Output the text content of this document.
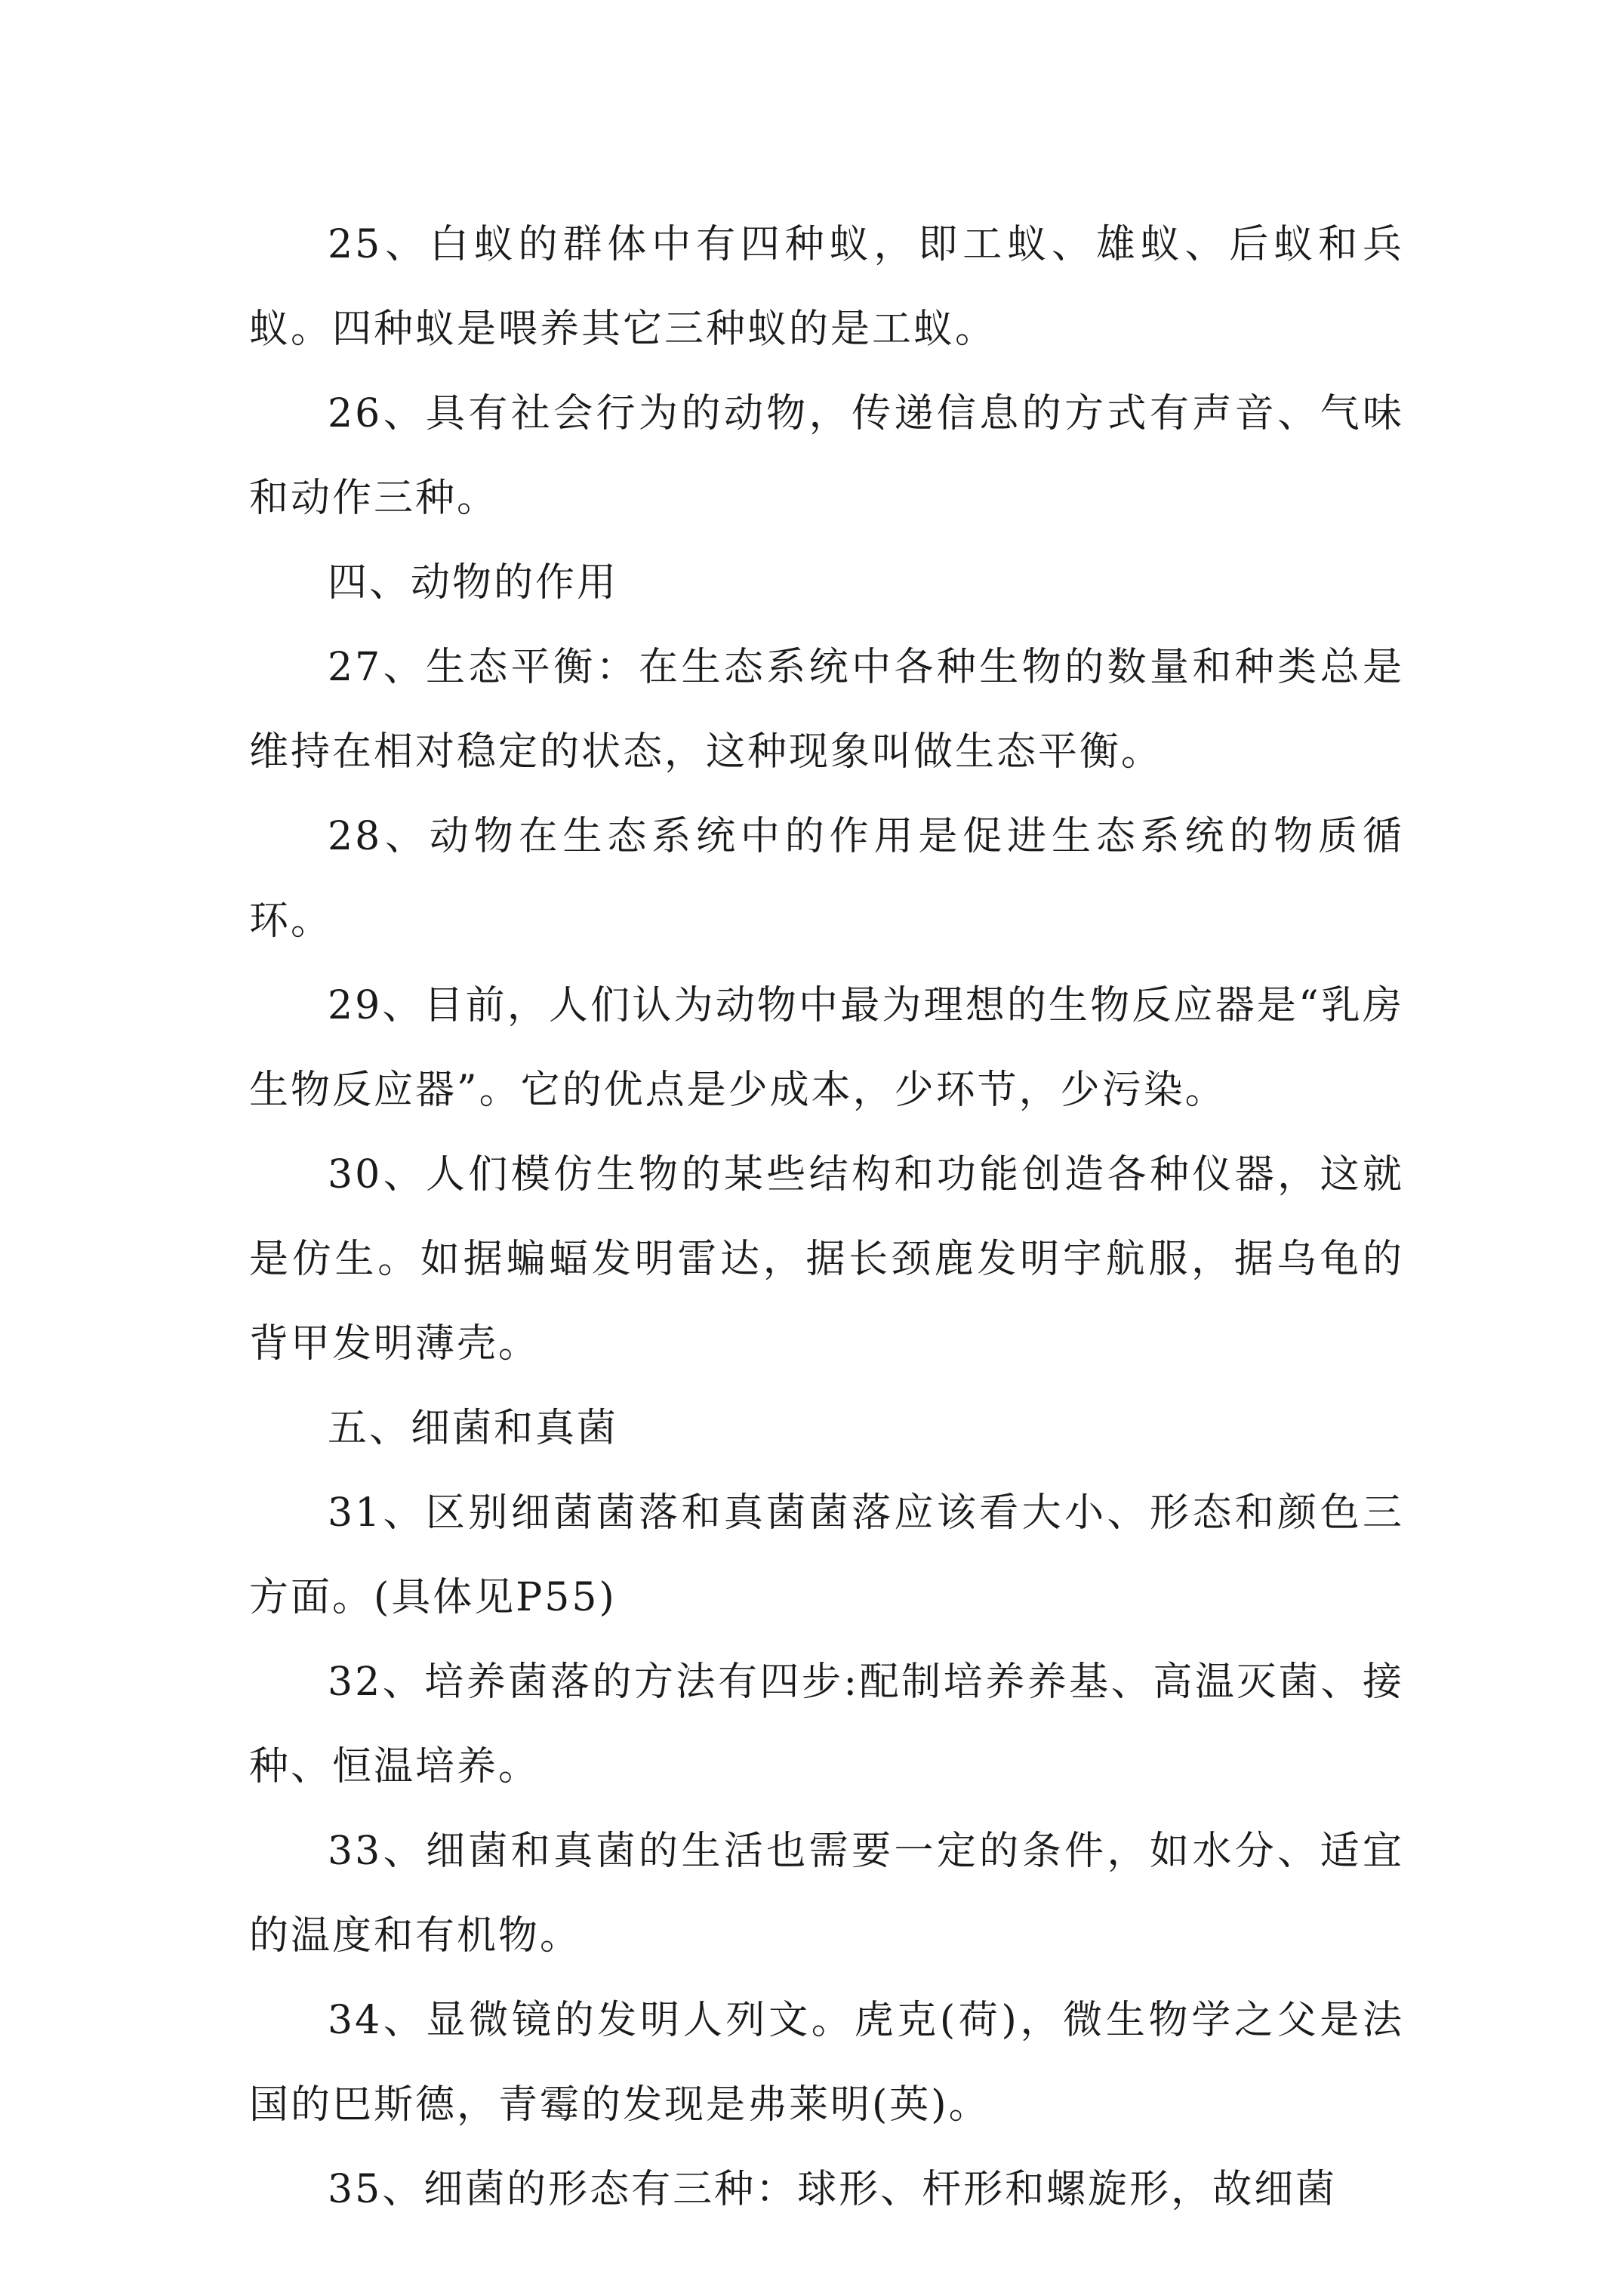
25、白蚁的群体中有四种蚁，即工蚁、雄蚁、后蚁和兵蚁。四种蚁是喂养其它三种蚁的是工蚁。

26、具有社会行为的动物，传递信息的方式有声音、气味和动作三种。

四、动物的作用

27、生态平衡：在生态系统中各种生物的数量和种类总是维持在相对稳定的状态，这种现象叫做生态平衡。

28、动物在生态系统中的作用是促进生态系统的物质循环。

29、目前，人们认为动物中最为理想的生物反应器是“乳房生物反应器”。它的优点是少成本，少环节，少污染。

30、人们模仿生物的某些结构和功能创造各种仪器，这就是仿生。如据蝙蝠发明雷达，据长颈鹿发明宇航服，据乌龟的背甲发明薄壳。

五、细菌和真菌

31、区别细菌菌落和真菌菌落应该看大小、形态和颜色三方面。(具体见P55)

32、培养菌落的方法有四步:配制培养养基、高温灭菌、接种、恒温培养。

33、细菌和真菌的生活也需要一定的条件，如水分、适宜的温度和有机物。

34、显微镜的发明人列文。虎克(荷)，微生物学之父是法国的巴斯德，青霉的发现是弗莱明(英)。

35、细菌的形态有三种：球形、杆形和螺旋形，故细菌
